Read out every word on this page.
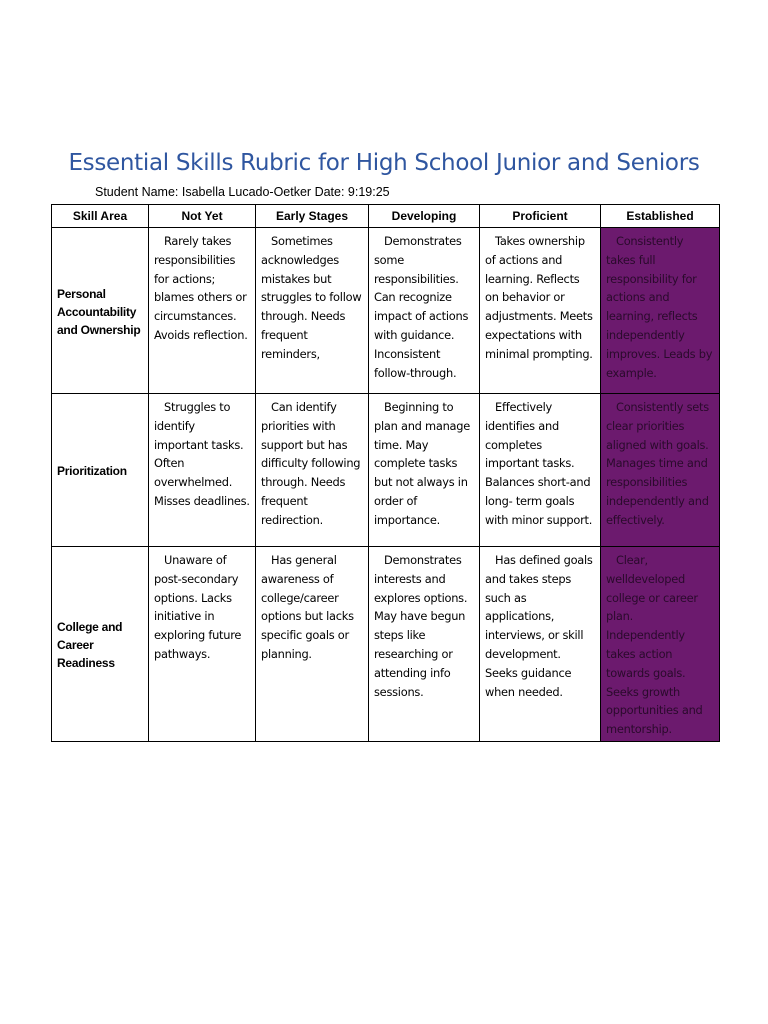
Essential Skills Rubric for High School Junior and Seniors
Student Name: Isabella Lucado-Oetker Date: 9:19:25
Skill Area	Not Yet	Early Stages	Developing	Proficient	Established
Personal Accountability and Ownership	Rarely takes responsibilities for actions; blames others or circumstances. Avoids reflection.	Sometimes acknowledges mistakes but struggles to follow through. Needs frequent reminders,	Demonstrates some responsibilities. Can recognize impact of actions with guidance. Inconsistent follow-through.	Takes ownership of actions and learning. Reflects on behavior or adjustments. Meets expectations with minimal prompting.	Consistently takes full responsibility for actions and learning, reflects independently improves. Leads by example.
Prioritization	Struggles to identify important tasks. Often overwhelmed. Misses deadlines.	Can identify priorities with support but has difficulty following through. Needs frequent redirection.	Beginning to plan and manage time. May complete tasks but not always in order of importance.	Effectively identifies and completes important tasks. Balances short-and long- term goals with minor support.	Consistently sets clear priorities aligned with goals. Manages time and responsibilities independently and effectively.
College and Career Readiness	Unaware of post-secondary options. Lacks initiative in exploring future pathways.	Has general awareness of college/career options but lacks specific goals or planning.	Demonstrates interests and explores options. May have begun steps like researching or attending info sessions.	Has defined goals and takes steps such as applications, interviews, or skill development. Seeks guidance when needed.	Clear, welldeveloped college or career plan. Independently takes action towards goals. Seeks growth opportunities and mentorship.
